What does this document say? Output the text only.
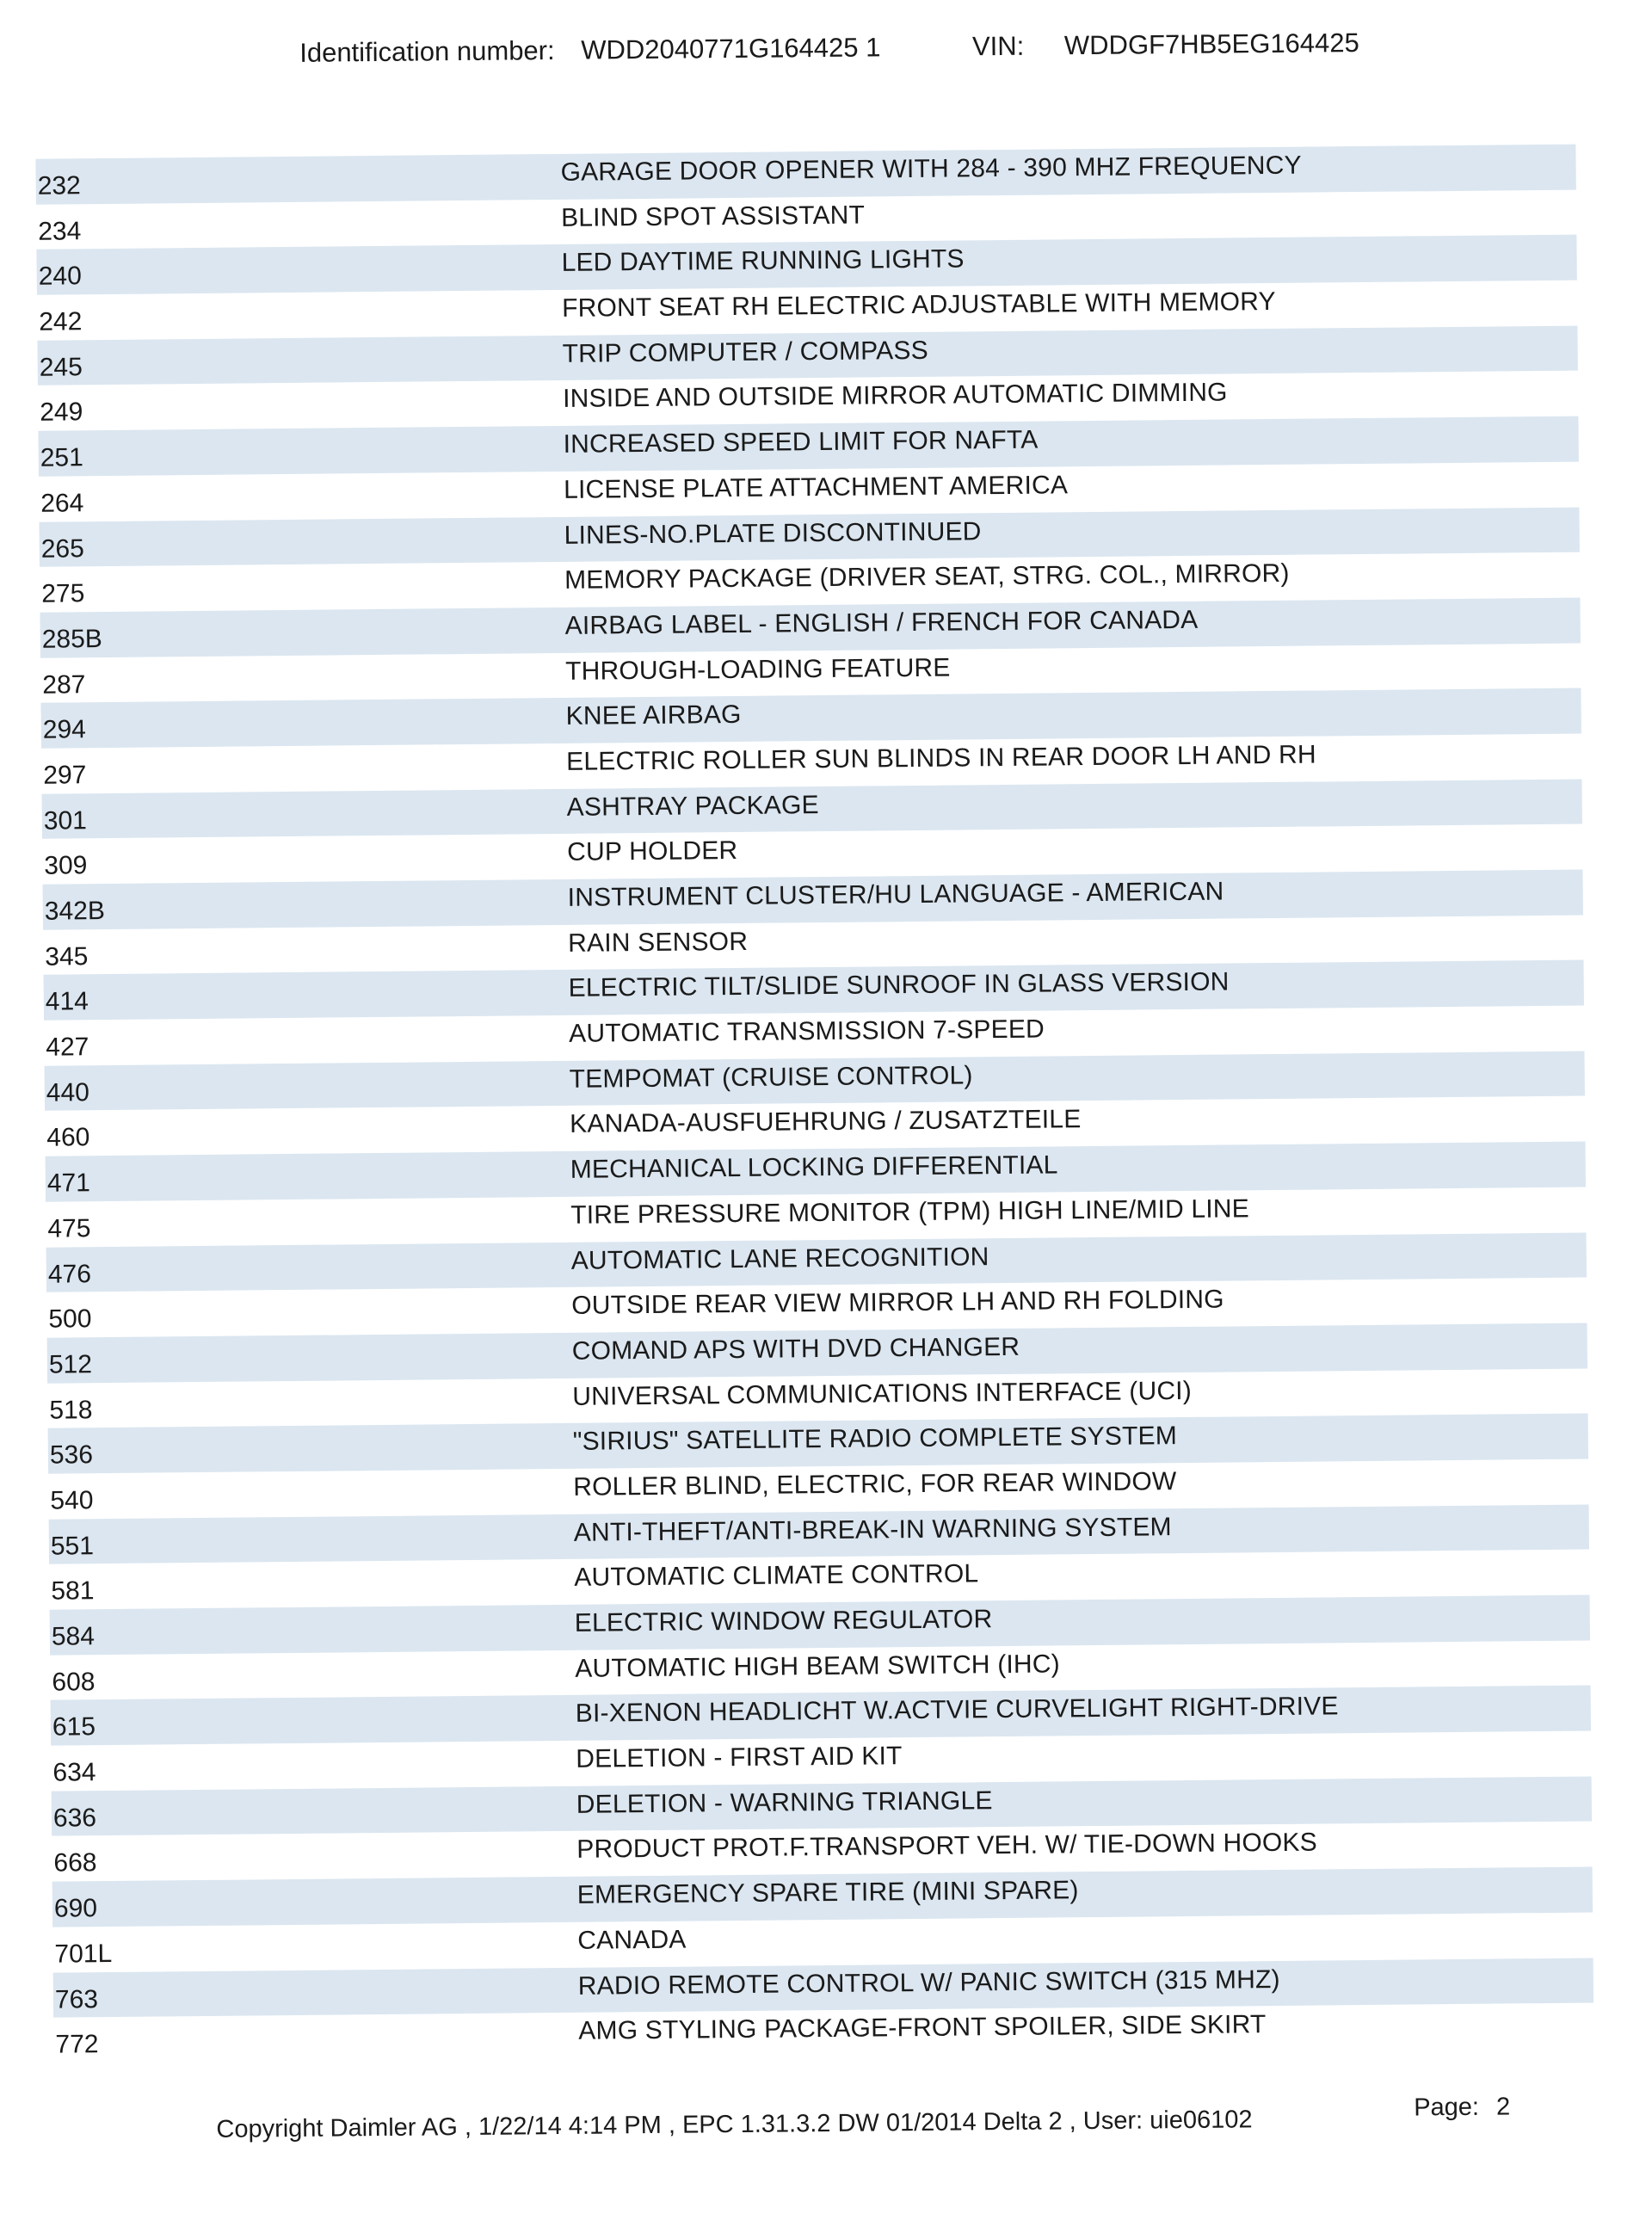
Identification number: WDD2040771G164425 1	VIN: WDDGF7HB5EG164425
232	GARAGE DOOR OPENER WITH 284 - 390 MHZ FREQUENCY
234	BLIND SPOT ASSISTANT
240	LED DAYTIME RUNNING LIGHTS
242	FRONT SEAT RH ELECTRIC ADJUSTABLE WITH MEMORY
245	TRIP COMPUTER / COMPASS
249	INSIDE AND OUTSIDE MIRROR AUTOMATIC DIMMING
251	INCREASED SPEED LIMIT FOR NAFTA
264	LICENSE PLATE ATTACHMENT AMERICA
265	LINES-NO.PLATE DISCONTINUED
275	MEMORY PACKAGE (DRIVER SEAT, STRG. COL., MIRROR)
285B	AIRBAG LABEL - ENGLISH / FRENCH FOR CANADA
287	THROUGH-LOADING FEATURE
294	KNEE AIRBAG
297	ELECTRIC ROLLER SUN BLINDS IN REAR DOOR LH AND RH
301	ASHTRAY PACKAGE
309	CUP HOLDER
342B	INSTRUMENT CLUSTER/HU LANGUAGE - AMERICAN
345	RAIN SENSOR
414	ELECTRIC TILT/SLIDE SUNROOF IN GLASS VERSION
427	AUTOMATIC TRANSMISSION 7-SPEED
440	TEMPOMAT (CRUISE CONTROL)
460	KANADA-AUSFUEHRUNG / ZUSATZTEILE
471	MECHANICAL LOCKING DIFFERENTIAL
475	TIRE PRESSURE MONITOR (TPM) HIGH LINE/MID LINE
476	AUTOMATIC LANE RECOGNITION
500	OUTSIDE REAR VIEW MIRROR LH AND RH FOLDING
512	COMAND APS WITH DVD CHANGER
518	UNIVERSAL COMMUNICATIONS INTERFACE (UCI)
536	"SIRIUS" SATELLITE RADIO COMPLETE SYSTEM
540	ROLLER BLIND, ELECTRIC, FOR REAR WINDOW
551	ANTI-THEFT/ANTI-BREAK-IN WARNING SYSTEM
581	AUTOMATIC CLIMATE CONTROL
584	ELECTRIC WINDOW REGULATOR
608	AUTOMATIC HIGH BEAM SWITCH (IHC)
615	BI-XENON HEADLICHT W.ACTVIE CURVELIGHT RIGHT-DRIVE
634	DELETION - FIRST AID KIT
636	DELETION - WARNING TRIANGLE
668	PRODUCT PROT.F.TRANSPORT VEH. W/ TIE-DOWN HOOKS
690	EMERGENCY SPARE TIRE (MINI SPARE)
701L	CANADA
763	RADIO REMOTE CONTROL W/ PANIC SWITCH (315 MHZ)
772	AMG STYLING PACKAGE-FRONT SPOILER, SIDE SKIRT
Copyright Daimler AG , 1/22/14 4:14 PM , EPC 1.31.3.2 DW 01/2014 Delta 2 , User: uie06102	Page: 2
